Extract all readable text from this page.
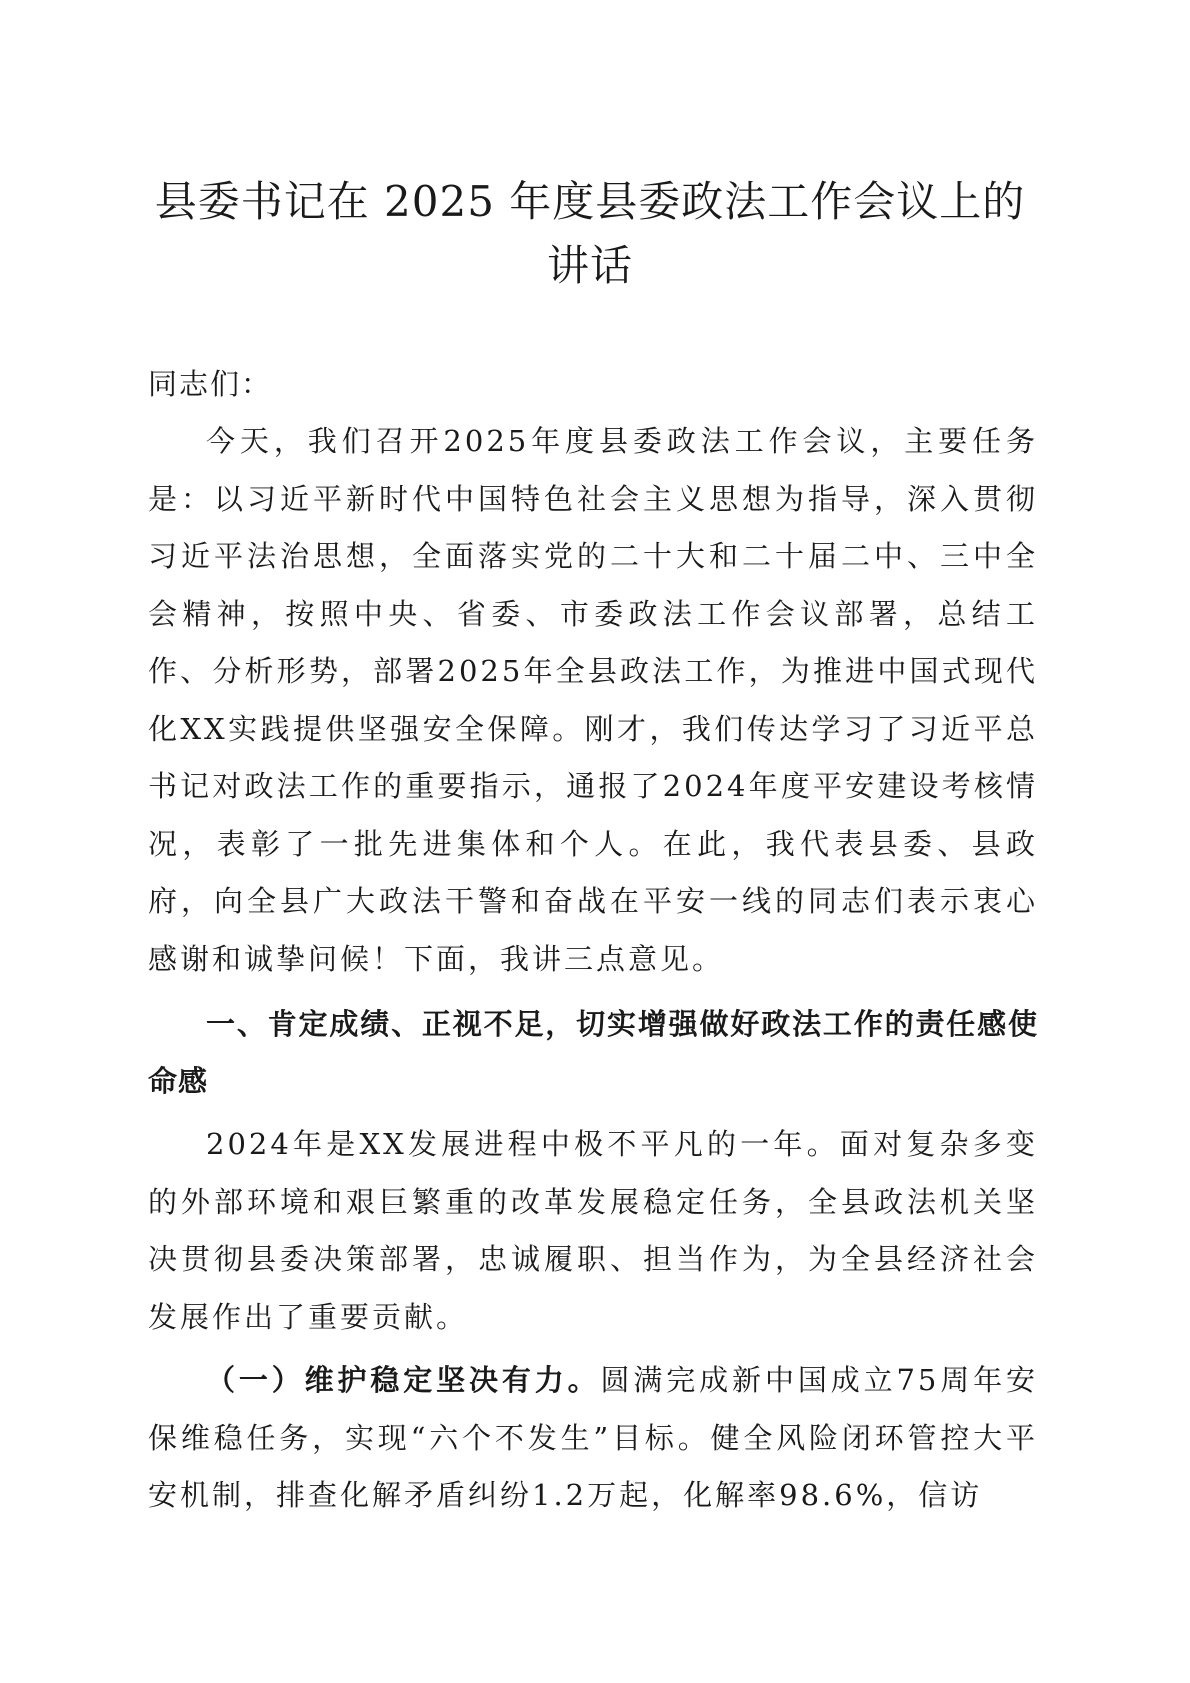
县委书记在 2025 年度县委政法工作会议上的
讲话

同志们：

今天，我们召开2025年度县委政法工作会议，主要任务是：以习近平新时代中国特色社会主义思想为指导，深入贯彻习近平法治思想，全面落实党的二十大和二十届二中、三中全会精神，按照中央、省委、市委政法工作会议部署，总结工作、分析形势，部署2025年全县政法工作，为推进中国式现代化XX实践提供坚强安全保障。刚才，我们传达学习了习近平总书记对政法工作的重要指示，通报了2024年度平安建设考核情况，表彰了一批先进集体和个人。在此，我代表县委、县政府，向全县广大政法干警和奋战在平安一线的同志们表示衷心感谢和诚挚问候！下面，我讲三点意见。

一、肯定成绩、正视不足，切实增强做好政法工作的责任感使命感

2024年是XX发展进程中极不平凡的一年。面对复杂多变的外部环境和艰巨繁重的改革发展稳定任务，全县政法机关坚决贯彻县委决策部署，忠诚履职、担当作为，为全县经济社会发展作出了重要贡献。

（一）维护稳定坚决有力。圆满完成新中国成立75周年安保维稳任务，实现“六个不发生”目标。健全风险闭环管控大平安机制，排查化解矛盾纠纷1.2万起，化解率98.6%，信访
